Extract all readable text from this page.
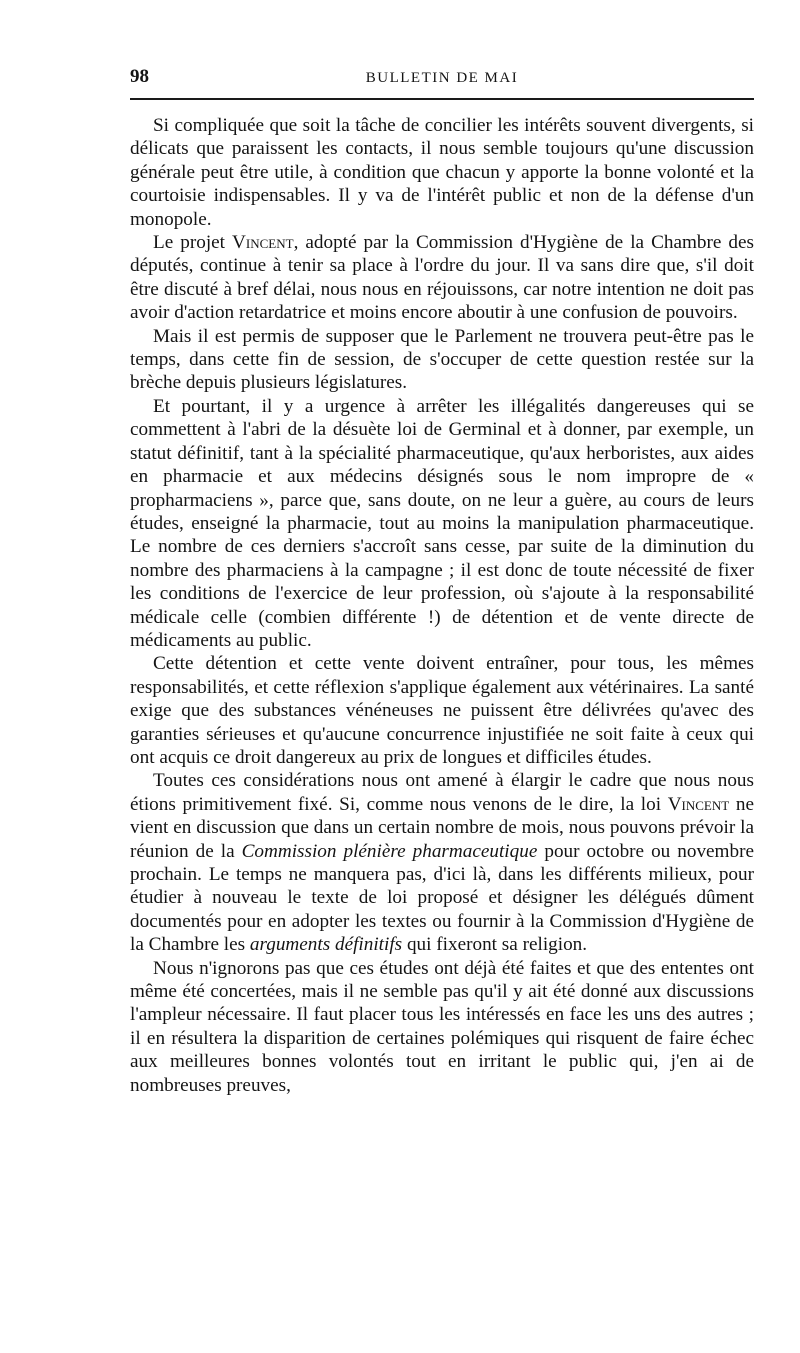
98	BULLETIN DE MAI

Si compliquée que soit la tâche de concilier les intérêts souvent divergents, si délicats que paraissent les contacts, il nous semble toujours qu'une discussion générale peut être utile, à condition que chacun y apporte la bonne volonté et la courtoisie indispensables. Il y va de l'intérêt public et non de la défense d'un monopole.

Le projet Vincent, adopté par la Commission d'Hygiène de la Chambre des députés, continue à tenir sa place à l'ordre du jour. Il va sans dire que, s'il doit être discuté à bref délai, nous nous en réjouissons, car notre intention ne doit pas avoir d'action retardatrice et moins encore aboutir à une confusion de pouvoirs.

Mais il est permis de supposer que le Parlement ne trouvera peut-être pas le temps, dans cette fin de session, de s'occuper de cette question restée sur la brèche depuis plusieurs législatures.

Et pourtant, il y a urgence à arrêter les illégalités dangereuses qui se commettent à l'abri de la désuète loi de Germinal et à donner, par exemple, un statut définitif, tant à la spécialité pharmaceutique, qu'aux herboristes, aux aides en pharmacie et aux médecins désignés sous le nom impropre de « propharmaciens », parce que, sans doute, on ne leur a guère, au cours de leurs études, enseigné la pharmacie, tout au moins la manipulation pharmaceutique. Le nombre de ces derniers s'accroît sans cesse, par suite de la diminution du nombre des pharmaciens à la campagne ; il est donc de toute nécessité de fixer les conditions de l'exercice de leur profession, où s'ajoute à la responsabilité médicale celle (combien différente !) de détention et de vente directe de médicaments au public.

Cette détention et cette vente doivent entraîner, pour tous, les mêmes responsabilités, et cette réflexion s'applique également aux vétérinaires. La santé exige que des substances vénéneuses ne puissent être délivrées qu'avec des garanties sérieuses et qu'aucune concurrence injustifiée ne soit faite à ceux qui ont acquis ce droit dangereux au prix de longues et difficiles études.

Toutes ces considérations nous ont amené à élargir le cadre que nous nous étions primitivement fixé. Si, comme nous venons de le dire, la loi Vincent ne vient en discussion que dans un certain nombre de mois, nous pouvons prévoir la réunion de la Commission plénière pharmaceutique pour octobre ou novembre prochain. Le temps ne manquera pas, d'ici là, dans les différents milieux, pour étudier à nouveau le texte de loi proposé et désigner les délégués dûment documentés pour en adopter les textes ou fournir à la Commission d'Hygiène de la Chambre les arguments définitifs qui fixeront sa religion.

Nous n'ignorons pas que ces études ont déjà été faites et que des ententes ont même été concertées, mais il ne semble pas qu'il y ait été donné aux discussions l'ampleur nécessaire. Il faut placer tous les intéressés en face les uns des autres ; il en résultera la disparition de certaines polémiques qui risquent de faire échec aux meilleures bonnes volontés tout en irritant le public qui, j'en ai de nombreuses preuves,
